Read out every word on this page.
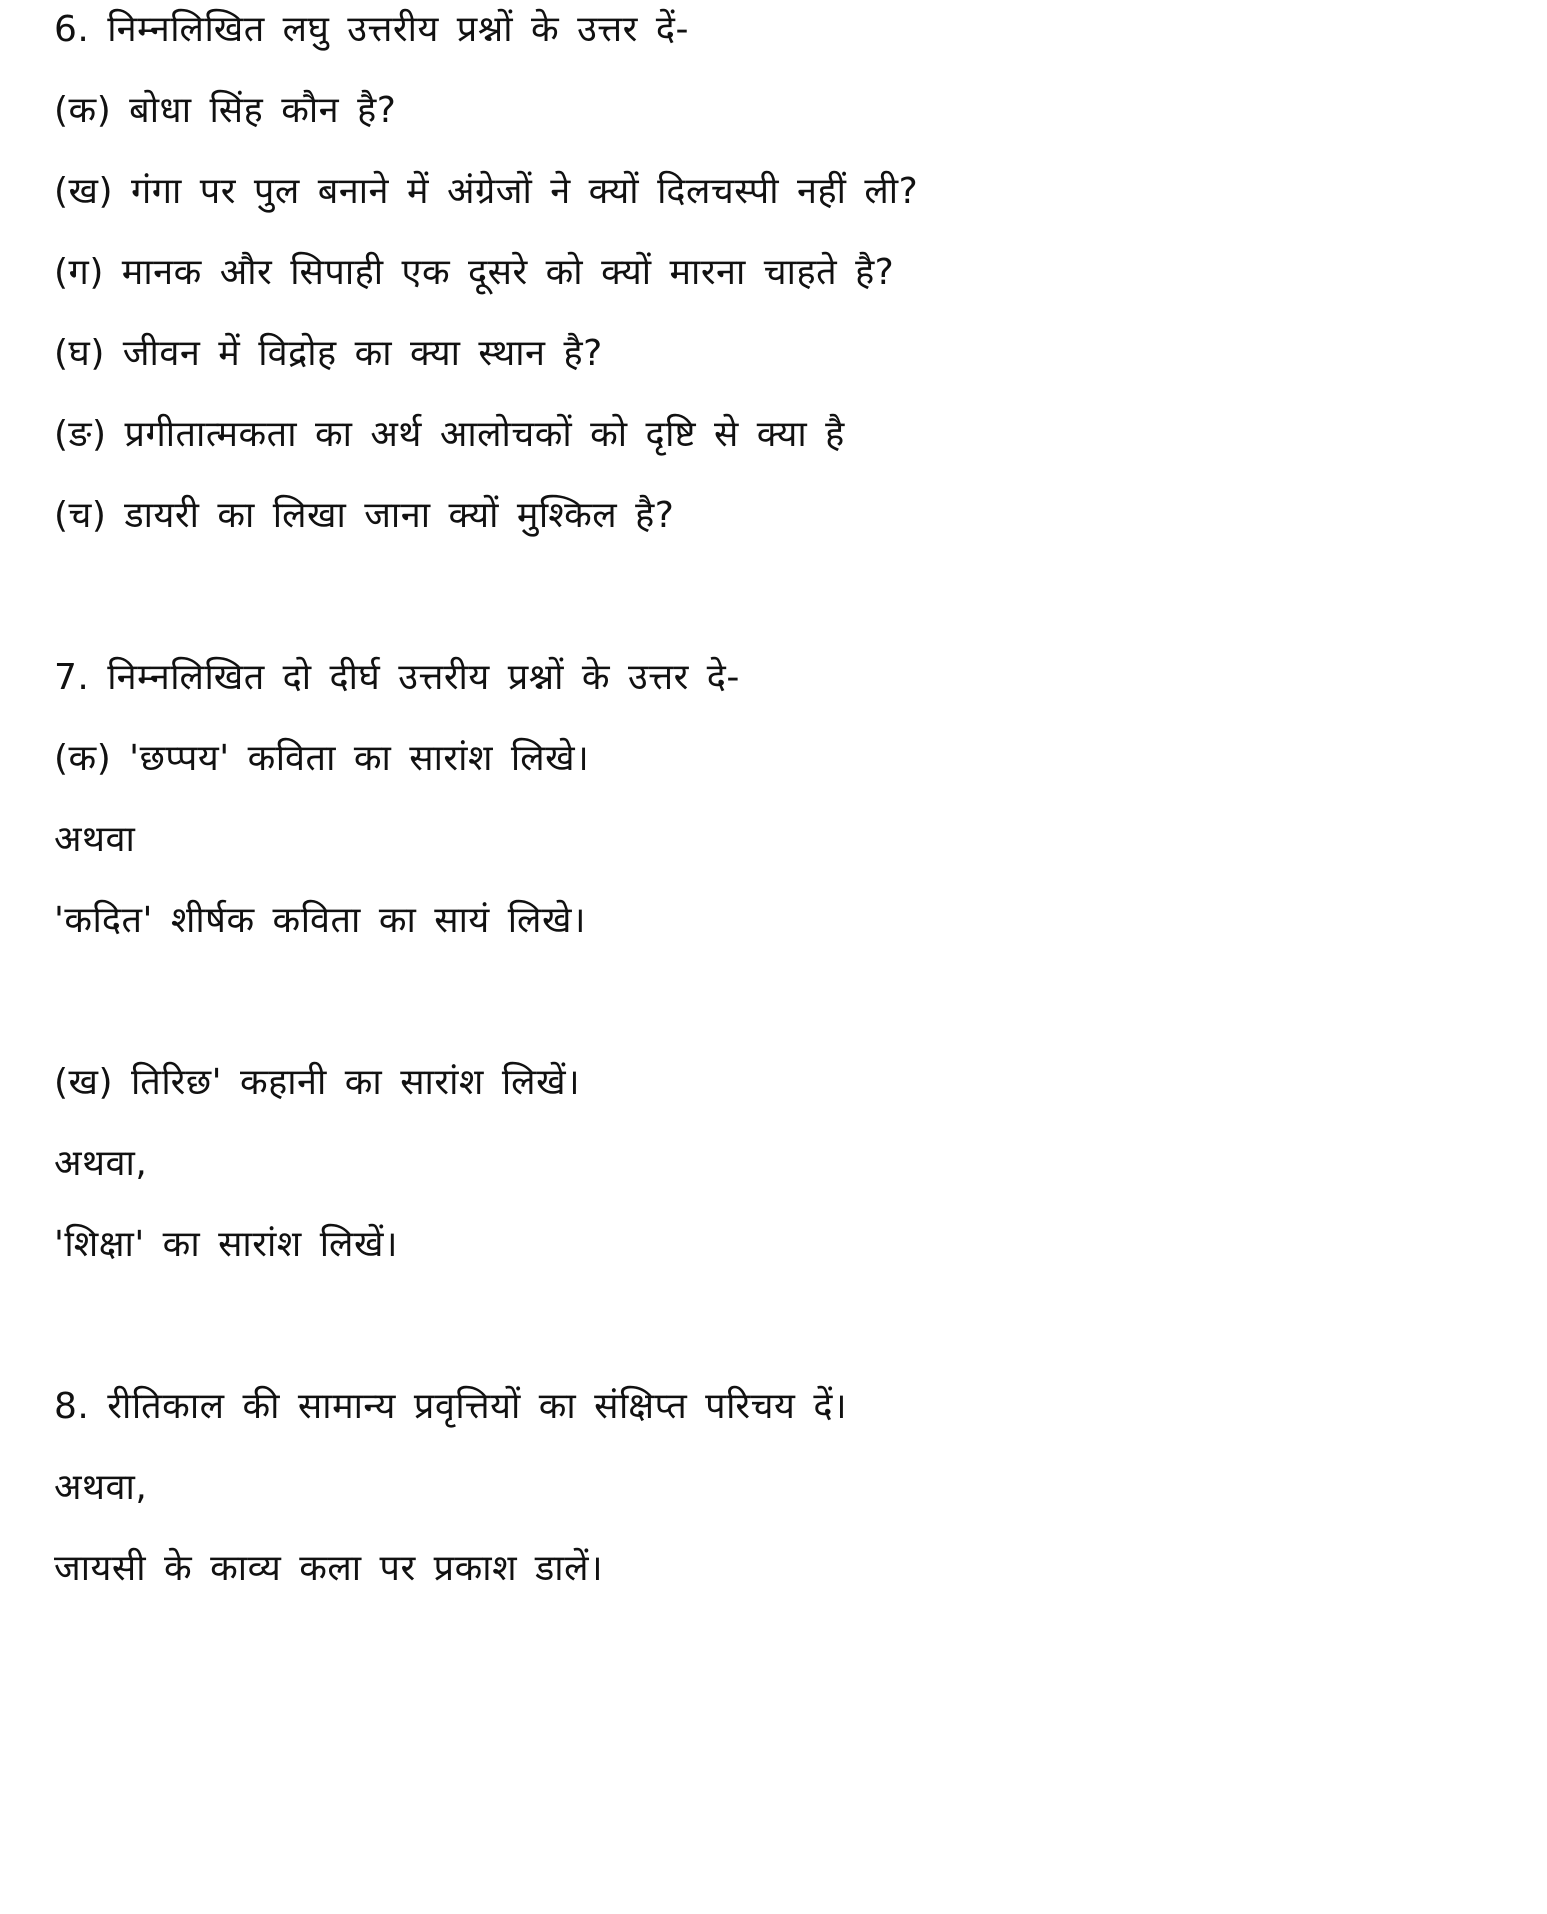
6. निम्नलिखित लघु उत्तरीय प्रश्नों के उत्तर दें-
(क) बोधा सिंह कौन है?
(ख) गंगा पर पुल बनाने में अंग्रेजों ने क्यों दिलचस्पी नहीं ली?
(ग) मानक और सिपाही एक दूसरे को क्यों मारना चाहते है?
(घ) जीवन में विद्रोह का क्या स्थान है?
(ङ) प्रगीतात्मकता का अर्थ आलोचकों को दृष्टि से क्या है
(च) डायरी का लिखा जाना क्यों मुश्किल है?
7. निम्नलिखित दो दीर्घ उत्तरीय प्रश्नों के उत्तर दे-
(क) 'छप्पय' कविता का सारांश लिखे।
अथवा
'कदित' शीर्षक कविता का सायं लिखे।
(ख) तिरिछ' कहानी का सारांश लिखें।
अथवा,
'शिक्षा' का सारांश लिखें।
8. रीतिकाल की सामान्य प्रवृत्तियों का संक्षिप्त परिचय दें।
अथवा,
जायसी के काव्य कला पर प्रकाश डालें।
